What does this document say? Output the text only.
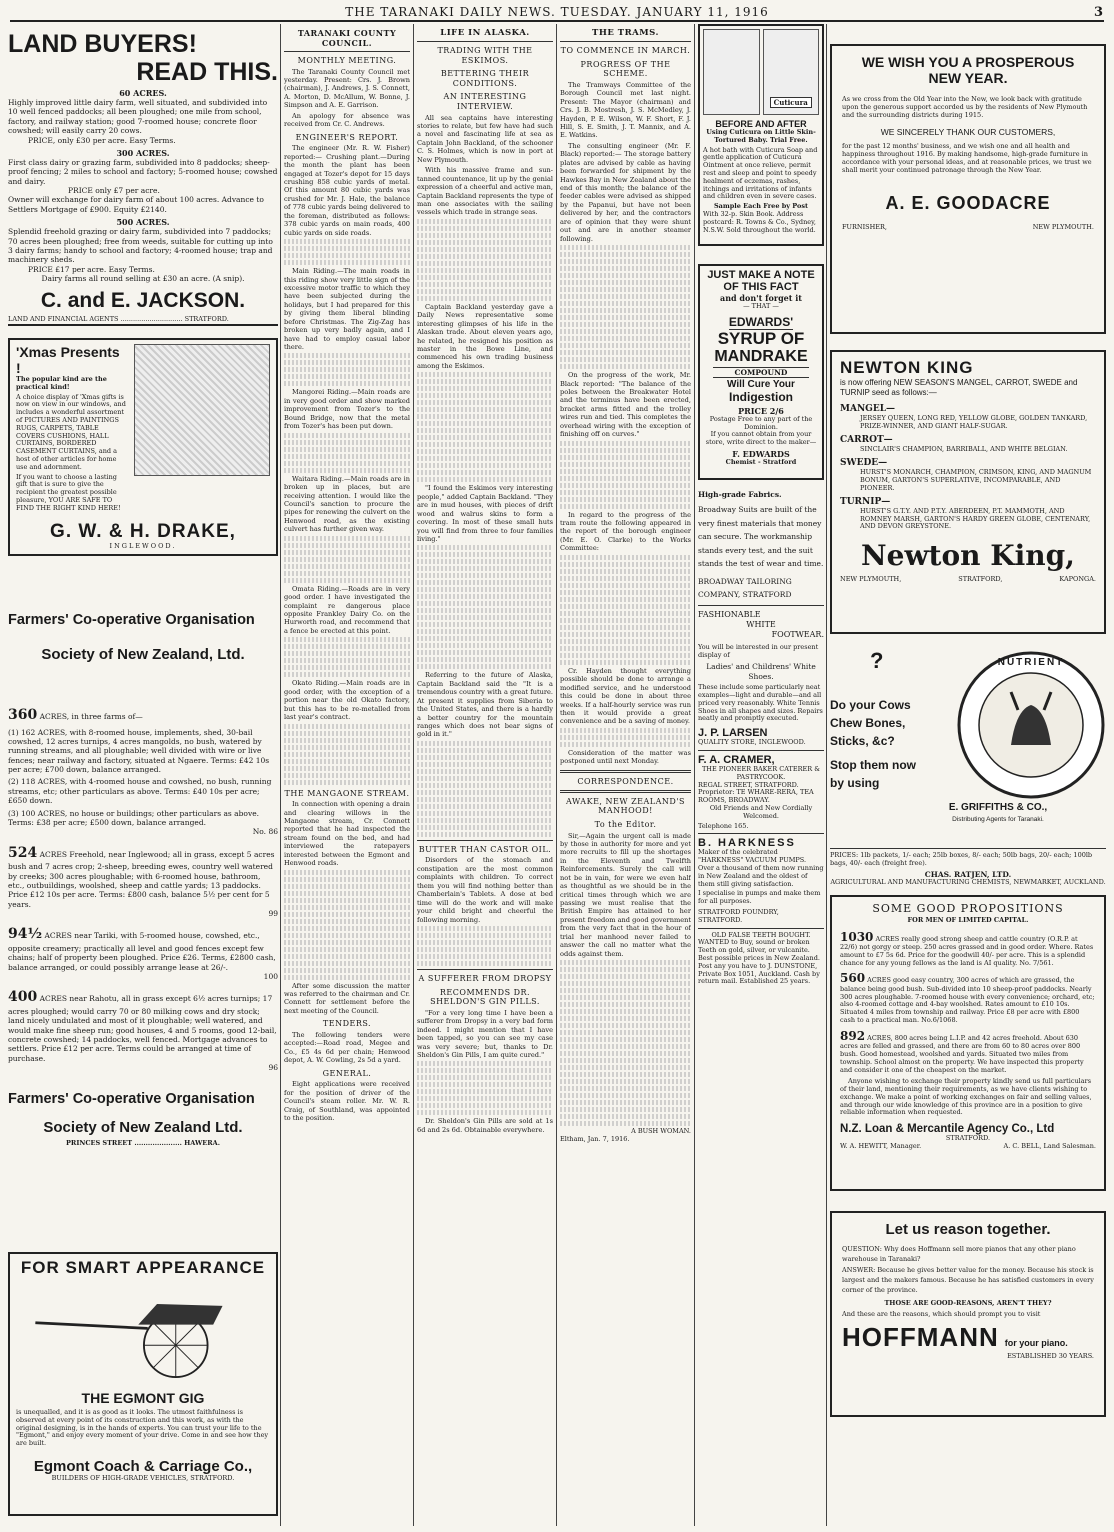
THE TARANAKI DAILY NEWS. TUESDAY. JANUARY 11, 1916	3
LAND BUYERS!
READ THIS.
60 ACRES.
Highly improved little dairy farm, well situated, and subdivided into 10 well fenced paddocks; all been ploughed; one mile from school, factory, and railway station; good 7-roomed house; concrete floor cowshed; will easily carry 20 cows.
PRICE, only £30 per acre. Easy Terms.
300 ACRES.
First class dairy or grazing farm, subdivided into 8 paddocks; sheep-proof fencing; 2 miles to school and factory; 5-roomed house; cowshed and dairy.
PRICE only £7 per acre.
Owner will exchange for dairy farm of about 100 acres. Advance to Settlers Mortgage of £900. Equity £2140.
500 ACRES.
Splendid freehold grazing or dairy farm, subdivided into 7 paddocks; 70 acres been ploughed; free from weeds, suitable for cutting up into 3 dairy farms; handy to school and factory; 4-roomed house; trap and machinery sheds.
PRICE £17 per acre. Easy Terms.
Dairy farms all round selling at £30 an acre. (A snip).
C. and E. JACKSON.
LAND AND FINANCIAL AGENTS .............................. STRATFORD.
'Xmas Presents !
The popular kind are the practical kind!
A choice display of 'Xmas gifts is now on view in our windows, and includes a wonderful assortment of PICTURES AND PAINTINGS RUGS, CARPETS, TABLE COVERS CUSHIONS, HALL CURTAINS, BORDERED CASEMENT CURTAINS, and a host of other articles for home use and adornment.
If you want to choose a lasting gift that is sure to give the recipient the greatest possible pleasure, YOU ARE SAFE TO FIND THE RIGHT KIND HERE!
G. W. & H. DRAKE,
INGLEWOOD.
Farmers' Co-operative Organisation
Society of New Zealand, Ltd.
360 ACRES, in three farms of—
(1) 162 ACRES, with 8-roomed house, implements, shed, 30-bail cowshed, 12 acres turnips, 4 acres mangolds, no bush, watered by running streams, and all ploughable; well divided with wire or live fences; near railway and factory, situated at Ngaere. Terms: £42 10s per acre; £700 down, balance arranged.
(2) 118 ACRES, with 4-roomed house and cowshed, no bush, running streams, etc; other particulars as above. Terms: £40 10s per acre; £650 down.
(3) 100 ACRES, no house or buildings; other particulars as above. Terms: £38 per acre; £500 down, balance arranged.
No. 86
524 ACRES Freehold, near Inglewood; all in grass, except 5 acres bush and 7 acres crop; 2-sheep, breeding ewes, country well watered by creeks; 300 acres ploughable; with 6-roomed house, bathroom, etc., outbuildings, woolshed, sheep and cattle yards; 13 paddocks. Price £12 10s per acre. Terms: £800 cash, balance 5½ per cent for 5 years.
99
94½ ACRES near Tariki, with 5-roomed house, cowshed, etc., opposite creamery; practically all level and good fences except few chains; half of property been ploughed. Price £26. Terms, £2800 cash, balance arranged, or could possibly arrange lease at 26/-.
100
400 ACRES near Rahotu, all in grass except 6½ acres turnips; 17 acres ploughed; would carry 70 or 80 milking cows and dry stock; land nicely undulated and most of it ploughable; well watered, and would make fine sheep run; good houses, 4 and 5 rooms, good 12-bail, concrete cowshed; 14 paddocks, well fenced. Mortgage advances to settlers. Price £12 per acre. Terms could be arranged at time of purchase.
96
Farmers' Co-operative Organisation
Society of New Zealand Ltd.
PRINCES STREET ..................... HAWERA.
FOR SMART APPEARANCE
THE EGMONT GIG
is unequalled, and it is as good as it looks. The utmost faithfulness is observed at every point of its construction and this work, as with the original designing, is in the hands of experts. You can trust your life to the "Egmont," and enjoy every moment of your drive. Come in and see how they are built.
Egmont Coach & Carriage Co.,
BUILDERS OF HIGH-GRADE VEHICLES, STRATFORD.
TARANAKI COUNTY COUNCIL.
MONTHLY MEETING.

The Taranaki County Council met yesterday. Present: Crs. J. Brown (chairman), J. Andrews, J. S. Connett, A. Morton, D. McAllum, W. Bonne, J. Simpson and A. E. Garrison.

An apology for absence was received from Cr. C. Andrews.

ENGINEER'S REPORT.

The engineer (Mr. R. W. Fisher) reported:— Crushing plant.—During the month the plant has been engaged at Tozer's depot for 15 days crushing 858 cubic yards of metal. Of this amount 80 cubic yards was crushed for Mr. J. Hale, the balance of 778 cubic yards being delivered to the foreman, distributed as follows: 378 cubic yards on main roads, 400 cubic yards on side roads.

Main Riding.—The main roads in this riding show very little sign of the excessive motor traffic to which they have been subjected during the holidays, but I had prepared for this by giving them liberal blinding before Christmas. The Zig-Zag has broken up very badly again, and I have had to employ casual labor there.

Mangorei Riding.—Main roads are in very good order and show marked improvement from Tozer's to the Bound Bridge, now that the metal from Tozer's has been put down.

Waitara Riding.—Main roads are in broken up in places, but are receiving attention. I would like the Council's sanction to procure the pipes for renewing the culvert on the Henwood road, as the existing culvert has further given way.

Omata Riding.—Roads are in very good order. I have investigated the complaint re dangerous place opposite Frankley Dairy Co. on the Hurworth road, and recommend that a fence be erected at this point.

Okato Riding.—Main roads are in good order, with the exception of a portion near the old Okato factory, but this has to be re-metalled from last year's contract.

THE MANGAONE STREAM.

In connection with opening a drain and clearing willows in the Mangaone stream, Cr. Connett reported that he had inspected the stream found on the bed, and had interviewed the ratepayers interested between the Egmont and Henwood roads.

After some discussion the matter was referred to the chairman and Cr. Connett for settlement before the next meeting of the Council.

TENDERS.

The following tenders were accepted:—Road road, Megee and Co., £5 4s 6d per chain; Henwood depot, A. W. Cowling, 2s 5d a yard.

GENERAL.

Eight applications were received for the position of driver of the Council's steam roller. Mr. W. R. Craig, of Southland, was appointed to the position.

LIFE IN ALASKA.
TRADING WITH THE ESKIMOS.
BETTERING THEIR CONDITIONS.
AN INTERESTING INTERVIEW.

All sea captains have interesting stories to relate, but few have had such a novel and fascinating life at sea as Captain John Backland, of the schooner C. S. Holmes, which is now in port at New Plymouth.

With his massive frame and sun-tanned countenance, lit up by the genial expression of a cheerful and active man, Captain Backland represents the type of man one associates with the sailing vessels which trade in strange seas.

Captain Backland yesterday gave a Daily News representative some interesting glimpses of his life in the Alaskan trade. About eleven years ago, he related, he resigned his position as master in the Bowe Line, and commenced his own trading business among the Eskimos.

"I found the Eskimos very interesting people," added Captain Backland. "They are in mud houses, with pieces of drift wood and walrus skins to form a covering. In most of these small huts you will find from three to four families living."

Referring to the future of Alaska, Captain Backland said the "It is a tremendous country with a great future. At present it supplies from Siberia to the United States, and there is a hardly a better country for the mountain ranges which does not bear signs of gold in it."

BUTTER THAN CASTOR OIL.

Disorders of the stomach and constipation are the most common complaints with children. To correct them you will find nothing better than Chamberlain's Tablets. A dose at bed time will do the work and will make your child bright and cheerful the following morning.

A SUFFERER FROM DROPSY
RECOMMENDS DR. SHELDON'S GIN PILLS.

"For a very long time I have been a sufferer from Dropsy in a very bad form indeed. I might mention that I have been tapped, so you can see my case was very severe; but, thanks to Dr. Sheldon's Gin Pills, I am quite cured."

Dr. Sheldon's Gin Pills are sold at 1s 6d and 2s 6d. Obtainable everywhere.

THE TRAMS.
TO COMMENCE IN MARCH.
PROGRESS OF THE SCHEME.

The Tramways Committee of the Borough Council met last night. Present: The Mayor (chairman) and Crs. J. B. Mostresh, J. S. McMedley, J. Hayden, P. E. Wilson, W. F. Short, F. J. Hill, S. E. Smith, J. T. Mannix, and A. E. Watkins.

The consulting engineer (Mr. F. Black) reported:— The storage battery plates are advised by cable as having been forwarded for shipment by the Hawkes Bay in New Zealand about the end of this month; the balance of the feeder cables were advised as shipped by the Papanui, but have not been delivered by her, and the contractors are of opinion that they were shunt out and are in another steamer following.

On the progress of the work, Mr. Black reported: "The balance of the poles between the Breakwater Hotel and the terminus have been erected, bracket arms fitted and the trolley wires run and tied. This completes the overhead wiring with the exception of finishing off on curves."

In regard to the progress of the tram route the following appeared in the report of the borough engineer (Mr. E. O. Clarke) to the Works Committee:

Cr. Hayden thought everything possible should be done to arrange a modified service, and he understood this could be done in about three weeks. If a half-hourly service was run then it would provide a great convenience and be a saving of money.

Consideration of the matter was postponed until next Monday.

CORRESPONDENCE.
AWAKE, NEW ZEALAND'S MANHOOD!
To the Editor.

Sir,—Again the urgent call is made by those in authority for more and yet more recruits to fill up the shortages in the Eleventh and Twelfth Reinforcements. Surely the call will not be in vain, for were we even half as thoughtful as we should be in the critical times through which we are passing we must realise that the British Empire has attained to her present freedom and good government from the very fact that in the hour of trial her manhood never failed to answer the call no matter what the odds against them.

A BUSH WOMAN.
Eltham, Jan. 7, 1916.
Cuticura
BEFORE AND AFTER
Using Cuticura on Little Skin-Tortured Baby. Trial Free.
A hot bath with Cuticura Soap and gentle application of Cuticura Ointment at once relieve, permit rest and sleep and point to speedy healment of eczemas, rashes, itchings and irritations of infants and children even in severe cases.
Sample Each Free by Post
With 32-p. Skin Book. Address postcard: R. Towns & Co., Sydney, N.S.W. Sold throughout the world.
JUST MAKE A NOTE
OF THIS FACT
and don't forget it
— THAT —
EDWARDS'
SYRUP OF
MANDRAKE
COMPOUND
Will Cure Your
Indigestion
PRICE 2/6
Postage Free to any part of the Dominion.
If you cannot obtain from your store, write direct to the maker—
F. EDWARDS
Chemist - Stratford
High-grade Fabrics.
Broadway Suits are built of the very finest materials that money can secure. The workmanship stands every test, and the suit stands the test of wear and time.
BROADWAY TAILORING COMPANY, STRATFORD
FASHIONABLE
WHITE
FOOTWEAR.
You will be interested in our present display of
Ladies' and Childrens' White Shoes.
These include some particularly neat examples—light and durable—and all priced very reasonably. White Tennis Shoes in all shapes and sizes. Repairs neatly and promptly executed.
J. P. LARSEN
QUALITY STORE, INGLEWOOD.
F. A. CRAMER,
THE PIONEER BAKER CATERER & PASTRYCOOK.
REGAL STREET, STRATFORD.
Proprietor: TE WHARE-RERA, TEA ROOMS, BROADWAY.
Old Friends and New Cordially Welcomed.
Telephone 165.
B. HARKNESS
Maker of the celebrated "HARKNESS" VACUUM PUMPS. Over a thousand of them now running in New Zealand and the oldest of them still giving satisfaction.
I specialise in pumps and make them for all purposes.
STRATFORD FOUNDRY, STRATFORD.
OLD FALSE TEETH BOUGHT.
WANTED to Buy, sound or broken Teeth on gold, silver, or vulcanite. Best possible prices in New Zealand. Post any you have to J. DUNSTONE, Private Box 1051, Auckland. Cash by return mail. Established 25 years.
WE WISH YOU A PROSPEROUS
NEW YEAR.
As we cross from the Old Year into the New, we look back with gratitude upon the generous support accorded us by the residents of New Plymouth and the surrounding districts during 1915.
WE SINCERELY THANK OUR CUSTOMERS,
for the past 12 months' business, and we wish one and all health and happiness throughout 1916. By making handsome, high-grade furniture in accordance with your personal ideas, and at reasonable prices, we trust we shall merit your continued patronage through the New Year.
A. E. GOODACRE
FURNISHER,	NEW PLYMOUTH.
NEWTON KING
is now offering NEW SEASON'S MANGEL, CARROT, SWEDE and TURNIP seed as follows:—
MANGEL—
JERSEY QUEEN, LONG RED, YELLOW GLOBE, GOLDEN TANKARD, PRIZE-WINNER, AND GIANT HALF-SUGAR.
CARROT—
SINCLAIR'S CHAMPION, BARRIBALL, AND WHITE BELGIAN.
SWEDE—
HURST'S MONARCH, CHAMPION, CRIMSON, KING, AND MAGNUM BONUM, GARTON'S SUPERLATIVE, INCOMPARABLE, AND PIONEER.
TURNIP—
HURST'S G.T.Y. AND P.T.Y. ABERDEEN, P.T. MAMMOTH, AND ROMNEY MARSH, GARTON'S HARDY GREEN GLOBE, CENTENARY, AND DEVON GREYSTONE.
Newton King,
NEW PLYMOUTH,	STRATFORD,	KAPONGA.
?
Do your Cows
Chew Bones,
Sticks, &c?
Stop them now
by using
NUTRIENT
E. GRIFFITHS & CO.,
Distributing Agents for Taranaki.
PRICES: 1lb packets, 1/- each; 25lb boxes, 8/- each; 50lb bags, 20/- each; 100lb bags, 40/- each (freight free).
CHAS. RATJEN, LTD.
AGRICULTURAL AND MANUFACTURING CHEMISTS, NEWMARKET, AUCKLAND.
SOME GOOD PROPOSITIONS
FOR MEN OF LIMITED CAPITAL.
1030 ACRES really good strong sheep and cattle country (O.R.P. at 22/6) not gorgy or steep. 250 acres grassed and in good order. Where. Rates amount to £7 5s 6d. Price for the goodwill 40/- per acre. This is a splendid chance for any young fellows as the land is AI quality. No. 7/561.
560 ACRES good easy country, 300 acres of which are grassed, the balance being good bush. Sub-divided into 10 sheep-proof paddocks. Nearly 300 acres ploughable. 7-roomed house with every convenience; orchard, etc; also 4-roomed cottage and 4-bay woolshed. Rates amount to £10 10s. Situated 4 miles from township and railway. Price £8 per acre with £800 cash to a practical man. No.6/1068.
892 ACRES, 800 acres being L.I.P. and 42 acres freehold. About 630 acres are felled and grassed, and there are from 60 to 80 acres over 800 bush. Good homestead, woolshed and yards. Situated two miles from township. School almost on the property. We have inspected this property and consider it one of the cheapest on the market.
Anyone wishing to exchange their property kindly send us full particulars of their land, mentioning their requirements, as we have clients wishing to exchange. We make a point of working exchanges on fair and selling values, and through our wide knowledge of this province are in a position to give reliable information when requested.
N.Z. Loan & Mercantile Agency Co., Ltd
STRATFORD.
W. A. HEWITT, Manager.	A. C. BELL, Land Salesman.
Let us reason together.
QUESTION: Why does Hoffmann sell more pianos that any other piano warehouse in Taranaki?
ANSWER: Because he gives better value for the money. Because his stock is largest and the makers famous. Because he has satisfied customers in every corner of the province.
THOSE ARE GOOD-REASONS, AREN'T THEY?
And these are the reasons, which should prompt you to visit
HOFFMANN for your piano.
ESTABLISHED 30 YEARS.
